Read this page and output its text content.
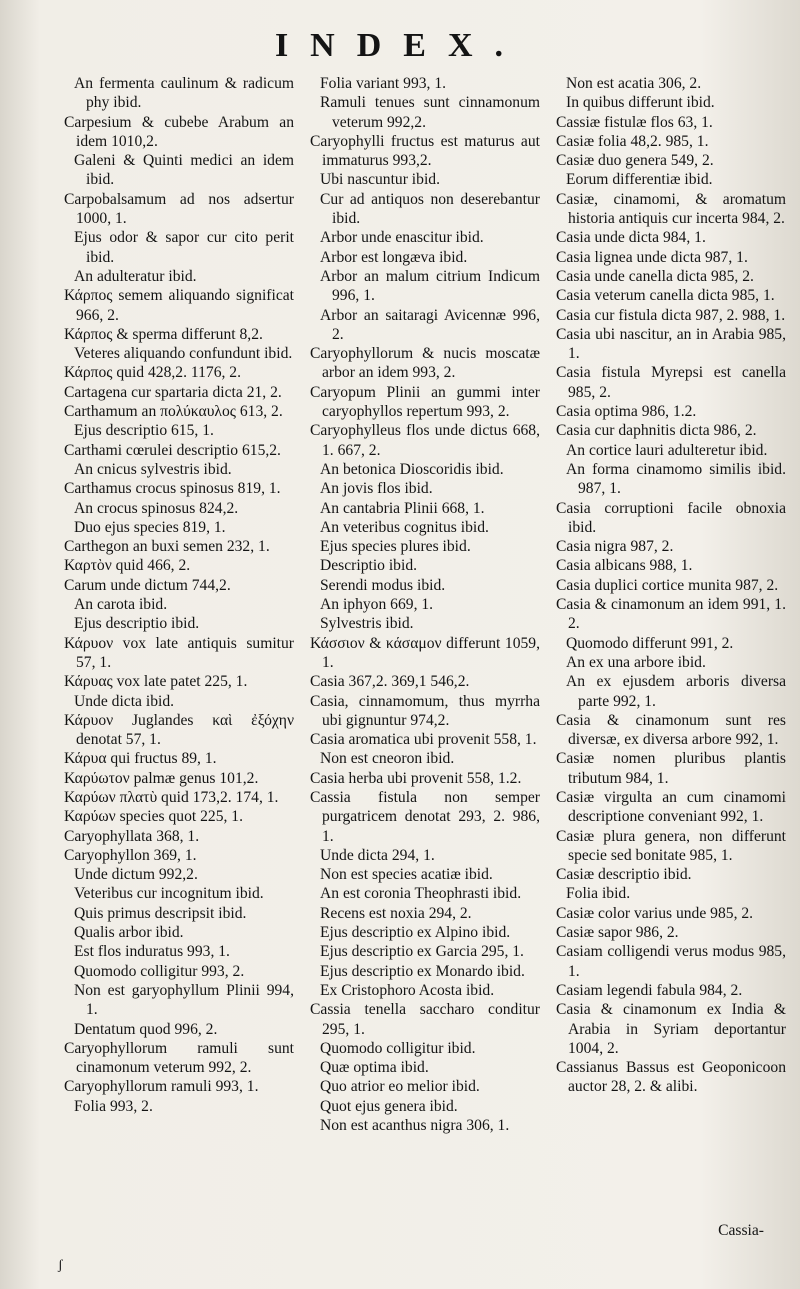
INDEX.

An fermenta caulinum & radicum phy ibid.

Carpesium & cubebe Arabum an idem 1010,2.

Galeni & Quinti medici an idem ibid.

Carpobalsamum ad nos adsertur 1000, 1.

Ejus odor & sapor cur cito perit ibid.

An adulteratur ibid.

Κάρπος semem aliquando significat 966, 2.

Κάρπος & sperma differunt 8,2.

Veteres aliquando confundunt ibid.

Κάρπος quid 428,2. 1176, 2.

Cartagena cur spartaria dicta 21, 2.

Carthamum an πολύκαυλος 613, 2.

Ejus descriptio 615, 1.

Carthami cœrulei descriptio 615,2.

An cnicus sylvestris ibid.

Carthamus crocus spinosus 819, 1.

An crocus spinosus 824,2.

Duo ejus species 819, 1.

Carthegon an buxi semen 232, 1.

Καρτὸν quid 466, 2.

Carum unde dictum 744,2.

An carota ibid.

Ejus descriptio ibid.

Κάρυον vox late antiquis sumitur 57, 1.

Κάρυας vox late patet 225, 1.

Unde dicta ibid.

Κάρυον Juglandes καὶ ἐξόχην denotat 57, 1.

Κάρυα qui fructus 89, 1.

Καρύωτον palmæ genus 101,2.

Καρύων πλατὺ quid 173,2. 174, 1.

Καρύων species quot 225, 1.

Caryophyllata 368, 1.

Caryophyllon 369, 1.

Unde dictum 992,2.

Veteribus cur incognitum ibid.

Quis primus descripsit ibid.

Qualis arbor ibid.

Est flos induratus 993, 1.

Quomodo colligitur 993, 2.

Non est garyophyllum Plinii 994, 1.

Dentatum quod 996, 2.

Caryophyllorum ramuli sunt cinamonum veterum 992, 2.

Caryophyllorum ramuli 993, 1.

Folia 993, 2.

Folia variant 993, 1.

Ramuli tenues sunt cinnamonum veterum 992,2.

Caryophylli fructus est maturus aut immaturus 993,2.

Ubi nascuntur ibid.

Cur ad antiquos non deserebantur ibid.

Arbor unde enascitur ibid.

Arbor est longæva ibid.

Arbor an malum citrium Indicum 996, 1.

Arbor an saitaragi Avicennæ 996, 2.

Caryophyllorum & nucis moscatæ arbor an idem 993, 2.

Caryopum Plinii an gummi inter caryophyllos repertum 993, 2.

Caryophylleus flos unde dictus 668, 1. 667, 2.

An betonica Dioscoridis ibid.

An jovis flos ibid.

An cantabria Plinii 668, 1.

An veteribus cognitus ibid.

Ejus species plures ibid.

Descriptio ibid.

Serendi modus ibid.

An iphyon 669, 1.

Sylvestris ibid.

Κάσσιον & κάσαμον differunt 1059, 1.

Casia 367,2. 369,1 546,2.

Casia, cinnamomum, thus myrrha ubi gignuntur 974,2.

Casia aromatica ubi provenit 558, 1.

Non est cneoron ibid.

Casia herba ubi provenit 558, 1.2.

Cassia fistula non semper purgatricem denotat 293, 2. 986, 1.

Unde dicta 294, 1.

Non est species acatiæ ibid.

An est coronia Theophrasti ibid.

Recens est noxia 294, 2.

Ejus descriptio ex Alpino ibid.

Ejus descriptio ex Garcia 295, 1.

Ejus descriptio ex Monardo ibid.

Ex Cristophoro Acosta ibid.

Cassia tenella saccharo conditur 295, 1.

Quomodo colligitur ibid.

Quæ optima ibid.

Quo atrior eo melior ibid.

Quot ejus genera ibid.

Non est acanthus nigra 306, 1.

Non est acatia 306, 2.

In quibus differunt ibid.

Cassiæ fistulæ flos 63, 1.

Casiæ folia 48,2. 985, 1.

Casiæ duo genera 549, 2.

Eorum differentiæ ibid.

Casiæ, cinamomi, & aromatum historia antiquis cur incerta 984, 2.

Casia unde dicta 984, 1.

Casia lignea unde dicta 987, 1.

Casia unde canella dicta 985, 2.

Casia veterum canella dicta 985, 1.

Casia cur fistula dicta 987, 2. 988, 1.

Casia ubi nascitur, an in Arabia 985, 1.

Casia fistula Myrepsi est canella 985, 2.

Casia optima 986, 1.2.

Casia cur daphnitis dicta 986, 2.

An cortice lauri adulteretur ibid.

An forma cinamomo similis ibid. 987, 1.

Casia corruptioni facile obnoxia ibid.

Casia nigra 987, 2.

Casia albicans 988, 1.

Casia duplici cortice munita 987, 2.

Casia & cinamonum an idem 991, 1. 2.

Quomodo differunt 991, 2.

An ex una arbore ibid.

An ex ejusdem arboris diversa parte 992, 1.

Casia & cinamonum sunt res diversæ, ex diversa arbore 992, 1.

Casiæ nomen pluribus plantis tributum 984, 1.

Casiæ virgulta an cum cinamomi descriptione conveniant 992, 1.

Casiæ plura genera, non differunt specie sed bonitate 985, 1.

Casiæ descriptio ibid.

Folia ibid.

Casiæ color varius unde 985, 2.

Casiæ sapor 986, 2.

Casiam colligendi verus modus 985, 1.

Casiam legendi fabula 984, 2.

Casia & cinamonum ex India & Arabia in Syriam deportantur 1004, 2.

Cassianus Bassus est Geoponicoon auctor 28, 2. & alibi.

Cassia-
ʃ
